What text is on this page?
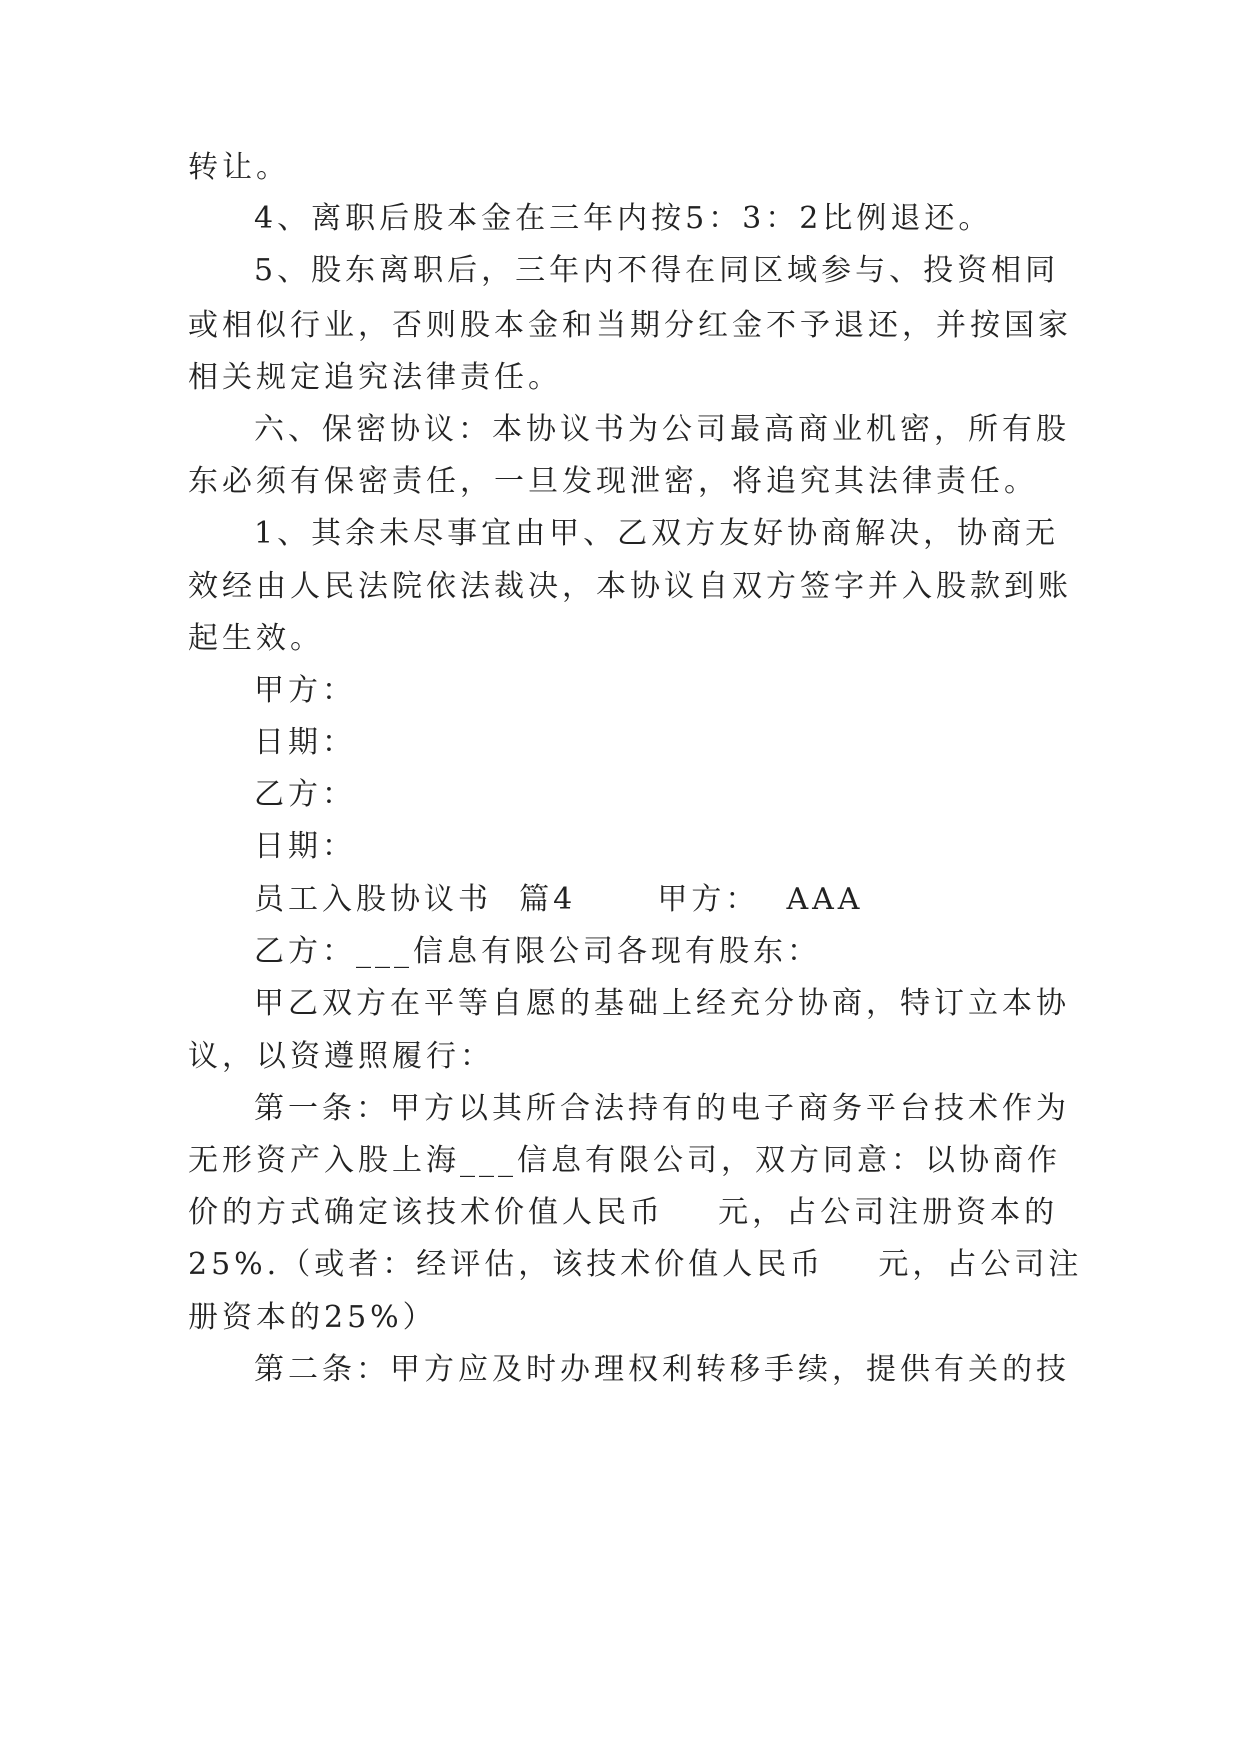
转让。
4、离职后股本金在三年内按5：3：2比例退还。
5、股东离职后，三年内不得在同区域参与、投资相同
或相似行业，否则股本金和当期分红金不予退还，并按国家
相关规定追究法律责任。
六、保密协议：本协议书为公司最高商业机密，所有股
东必须有保密责任，一旦发现泄密，将追究其法律责任。
1、其余未尽事宜由甲、乙双方友好协商解决，协商无
效经由人民法院依法裁决，本协议自双方签字并入股款到账
起生效。
甲方：
日期：
乙方：
日期：
员工入股协议书  篇4      甲方：  AAA
乙方：___信息有限公司各现有股东：
甲乙双方在平等自愿的基础上经充分协商，特订立本协
议，以资遵照履行：
第一条：甲方以其所合法持有的电子商务平台技术作为
无形资产入股上海___信息有限公司，双方同意：以协商作
价的方式确定该技术价值人民币    元，占公司注册资本的
25%.（或者：经评估，该技术价值人民币    元，占公司注
册资本的25%）
第二条：甲方应及时办理权利转移手续，提供有关的技
